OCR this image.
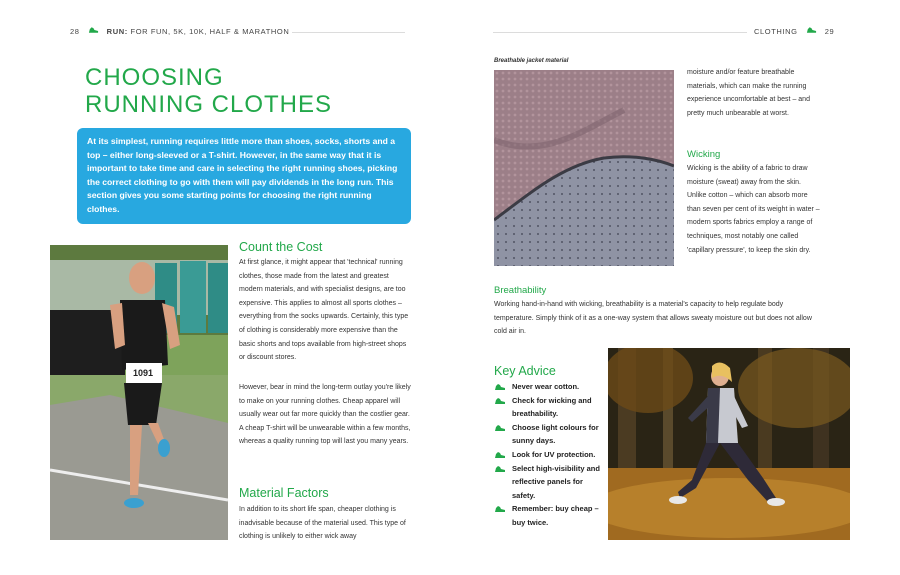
28	RUN: FOR FUN, 5K, 10K, HALF & MARATHON	CLOTHING	29
CHOOSING
RUNNING CLOTHES
At its simplest, running requires little more than shoes, socks, shorts and a top – either long-sleeved or a T-shirt. However, in the same way that it is important to take time and care in selecting the right running shoes, picking the correct clothing to go with them will pay dividends in the long run. This section gives you some starting points for choosing the right running clothes.
1091
Count the Cost
At first glance, it might appear that 'technical' running clothes, those made from the latest and greatest modern materials, and with specialist designs, are too expensive. This applies to almost all sports clothes – everything from the socks upwards. Certainly, this type of clothing is considerably more expensive than the basic shorts and tops available from high-street shops or discount stores.
However, bear in mind the long-term outlay you're likely to make on your running clothes. Cheap apparel will usually wear out far more quickly than the costlier gear. A cheap T-shirt will be unwearable within a few months, whereas a quality running top will last you many years.
Material Factors
In addition to its short life span, cheaper clothing is inadvisable because of the material used. This type of clothing is unlikely to either wick away
Breathable jacket material
moisture and/or feature breathable materials, which can make the running experience uncomfortable at best – and pretty much unbearable at worst.
Wicking
Wicking is the ability of a fabric to draw moisture (sweat) away from the skin. Unlike cotton – which can absorb more than seven per cent of its weight in water – modern sports fabrics employ a range of techniques, most notably one called 'capillary pressure', to keep the skin dry.
Breathability
Working hand-in-hand with wicking, breathability is a material's capacity to help regulate body temperature. Simply think of it as a one-way system that allows sweaty moisture out but does not allow cold air in.
Key Advice
Never wear cotton.
Check for wicking and breathability.
Choose light colours for sunny days.
Look for UV protection.
Select high-visibility and reflective panels for safety.
Remember: buy cheap – buy twice.
